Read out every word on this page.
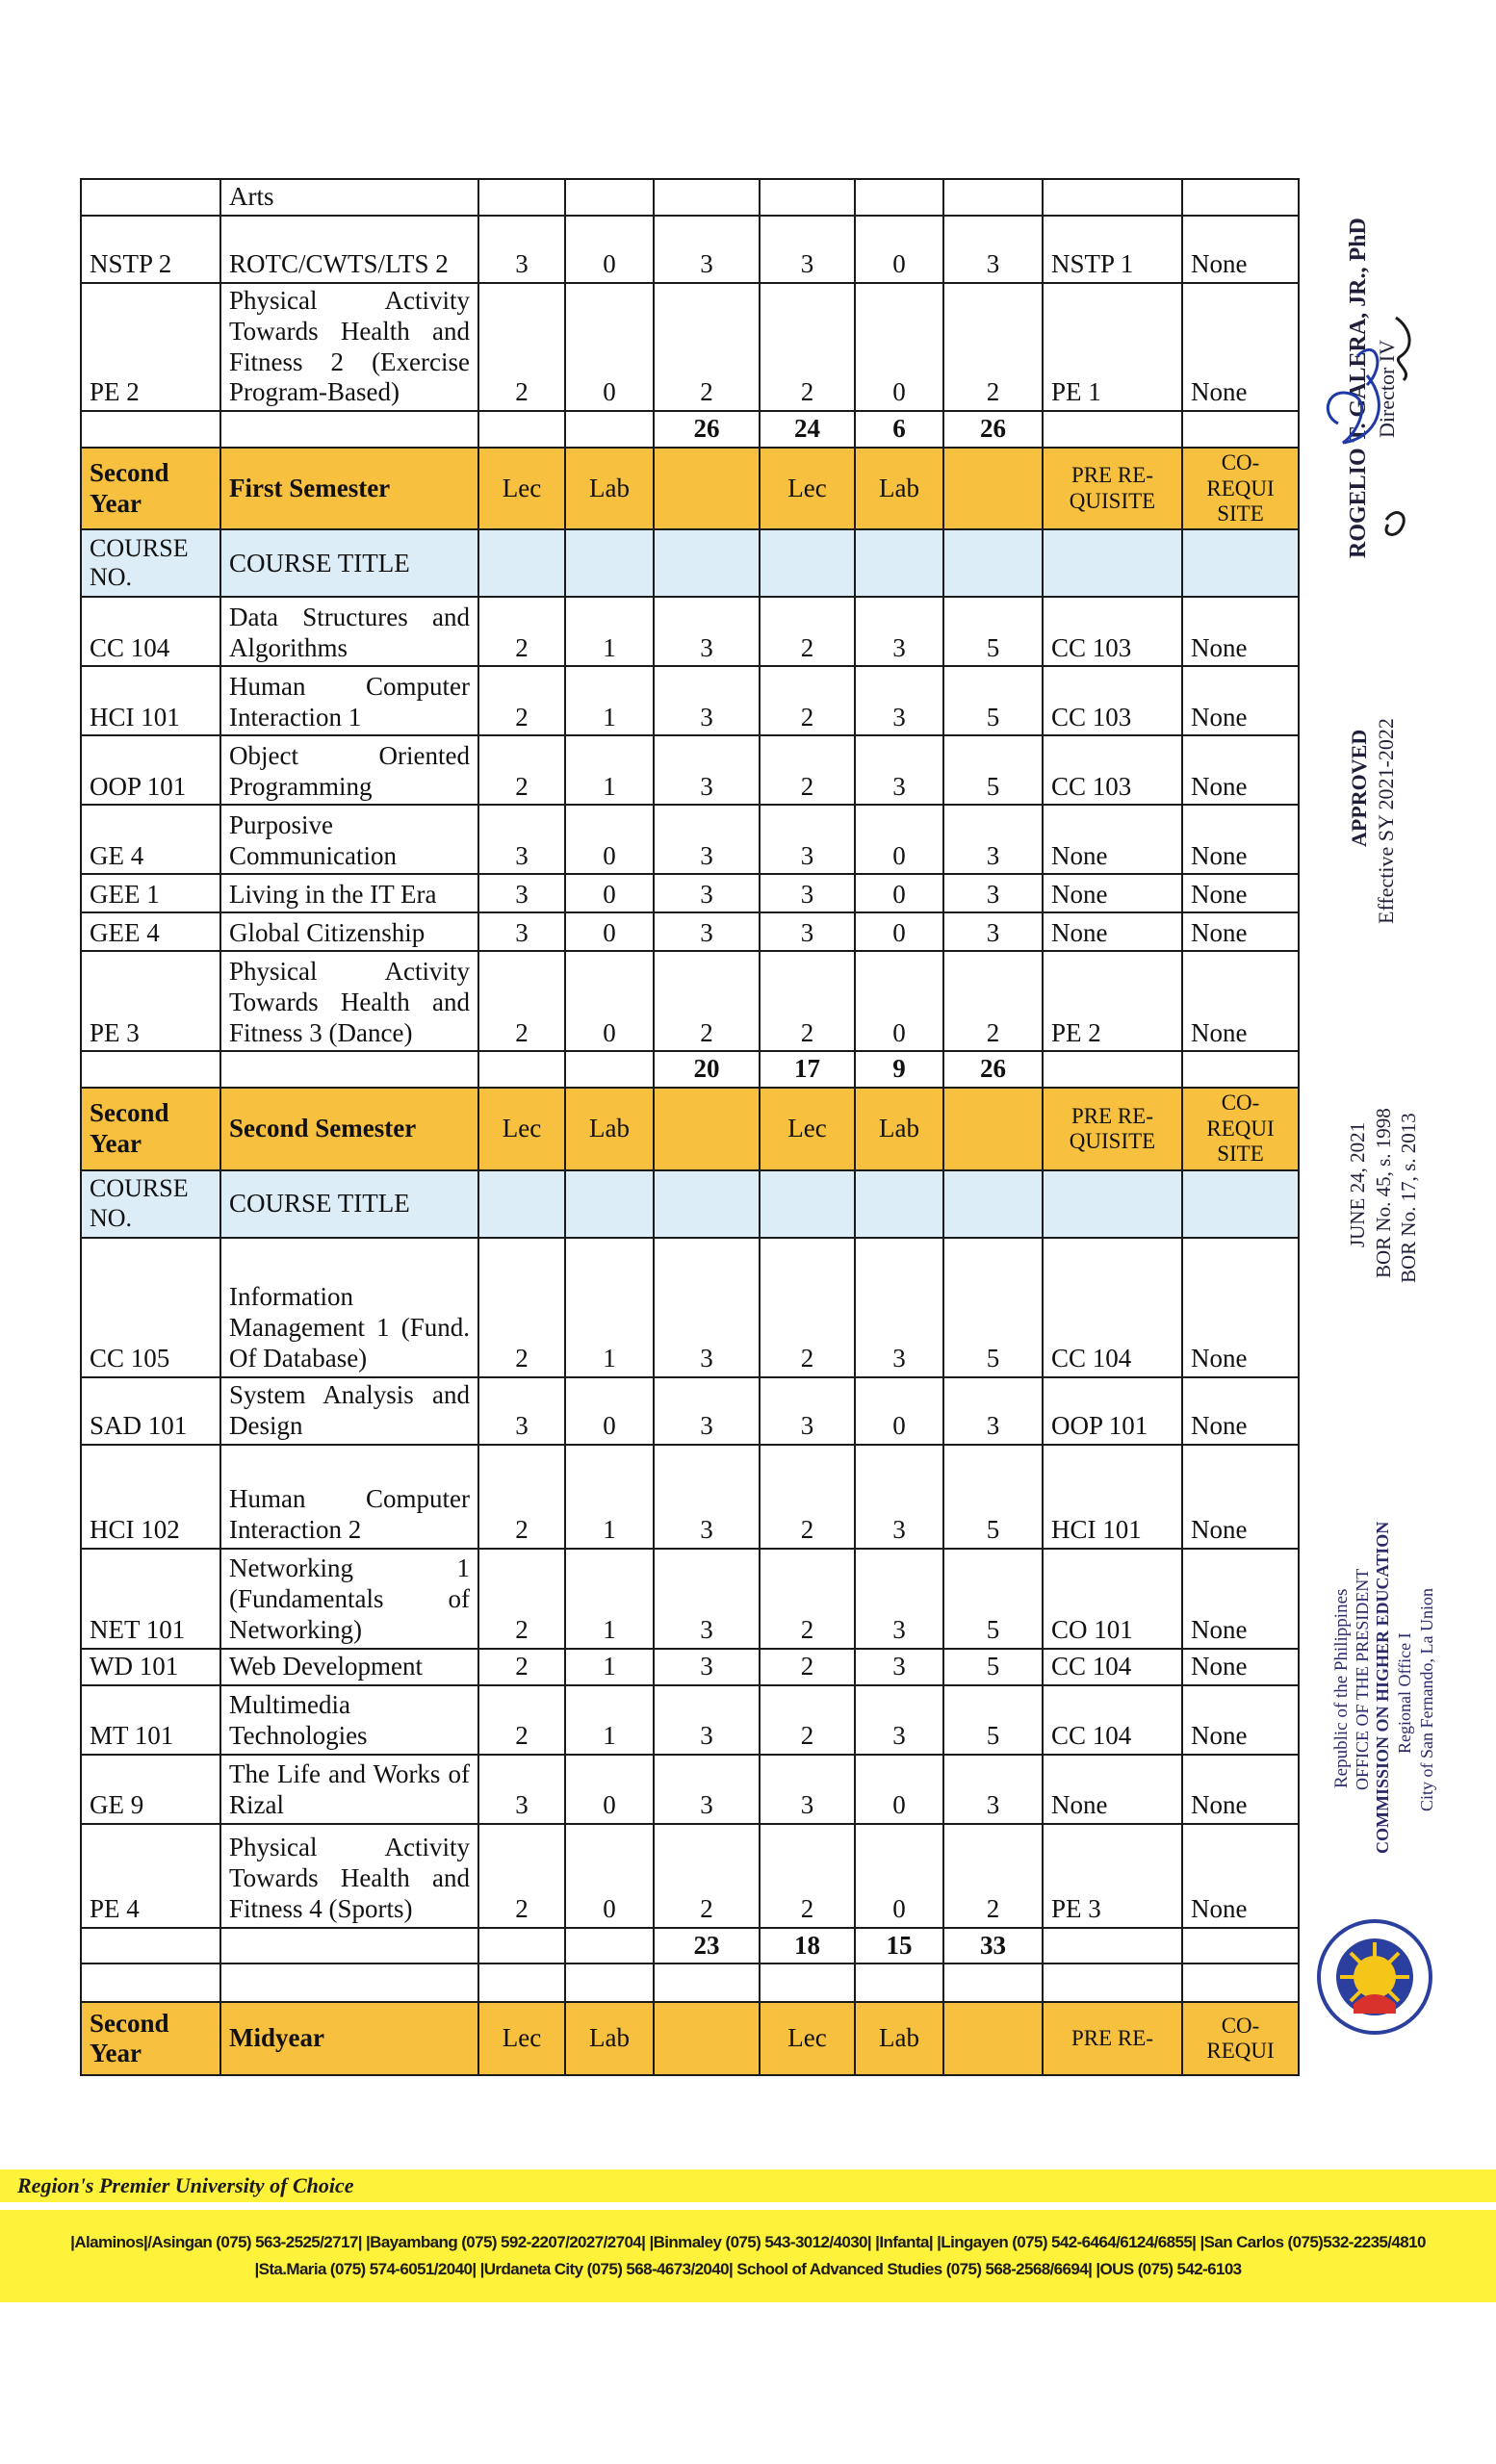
	Arts								
NSTP 2	ROTC/CWTS/LTS 2	3	0	3	3	0	3	NSTP 1	None
PE 2	Physical Activity Towards Health and Fitness 2 (Exercise Program-Based)	2	0	2	2	0	2	PE 1	None
				26	24	6	26		
Second Year	First Semester	Lec	Lab		Lec	Lab		PRE RE-QUISITE	CO-REQUI SITE
COURSE NO.	COURSE TITLE								
CC 104	Data Structures and Algorithms	2	1	3	2	3	5	CC 103	None
HCI 101	Human Computer Interaction 1	2	1	3	2	3	5	CC 103	None
OOP 101	Object Oriented Programming	2	1	3	2	3	5	CC 103	None
GE 4	Purposive Communication	3	0	3	3	0	3	None	None
GEE 1	Living in the IT Era	3	0	3	3	0	3	None	None
GEE 4	Global Citizenship	3	0	3	3	0	3	None	None
PE 3	Physical Activity Towards Health and Fitness 3 (Dance)	2	0	2	2	0	2	PE 2	None
				20	17	9	26		
Second Year	Second Semester	Lec	Lab		Lec	Lab		PRE RE-QUISITE	CO-REQUI SITE
COURSE NO.	COURSE TITLE								
CC 105	Information Management 1 (Fund. Of Database)	2	1	3	2	3	5	CC 104	None
SAD 101	System Analysis and Design	3	0	3	3	0	3	OOP 101	None
HCI 102	Human Computer Interaction 2	2	1	3	2	3	5	HCI 101	None
NET 101	Networking 1 (Fundamentals of Networking)	2	1	3	2	3	5	CO 101	None
WD 101	Web Development	2	1	3	2	3	5	CC 104	None
MT 101	Multimedia Technologies	2	1	3	2	3	5	CC 104	None
GE 9	The Life and Works of Rizal	3	0	3	3	0	3	None	None
PE 4	Physical Activity Towards Health and Fitness 4 (Sports)	2	0	2	2	0	2	PE 3	None
				23	18	15	33		

Second Year	Midyear	Lec	Lab		Lec	Lab		PRE RE-	CO-REQUI
ROGELIO T. GALERA, JR., PhD Director IV
APPROVED Effective SY 2021-2022
JUNE 24, 2021 BOR No. 45, s. 1998 BOR No. 17, s. 2013
Republic of the Philippines OFFICE OF THE PRESIDENT COMMISSION ON HIGHER EDUCATION Regional Office I City of San Fernando, La Union
Region's Premier University of Choice
|Alaminos|/Asingan (075) 563-2525/2717| |Bayambang (075) 592-2207/2027/2704| |Binmaley (075) 543-3012/4030| |Infanta| |Lingayen (075) 542-6464/6124/6855| |San Carlos (075)532-2235/4810
|Sta.Maria (075) 574-6051/2040| |Urdaneta City (075) 568-4673/2040| School of Advanced Studies (075) 568-2568/6694| |OUS (075) 542-6103
